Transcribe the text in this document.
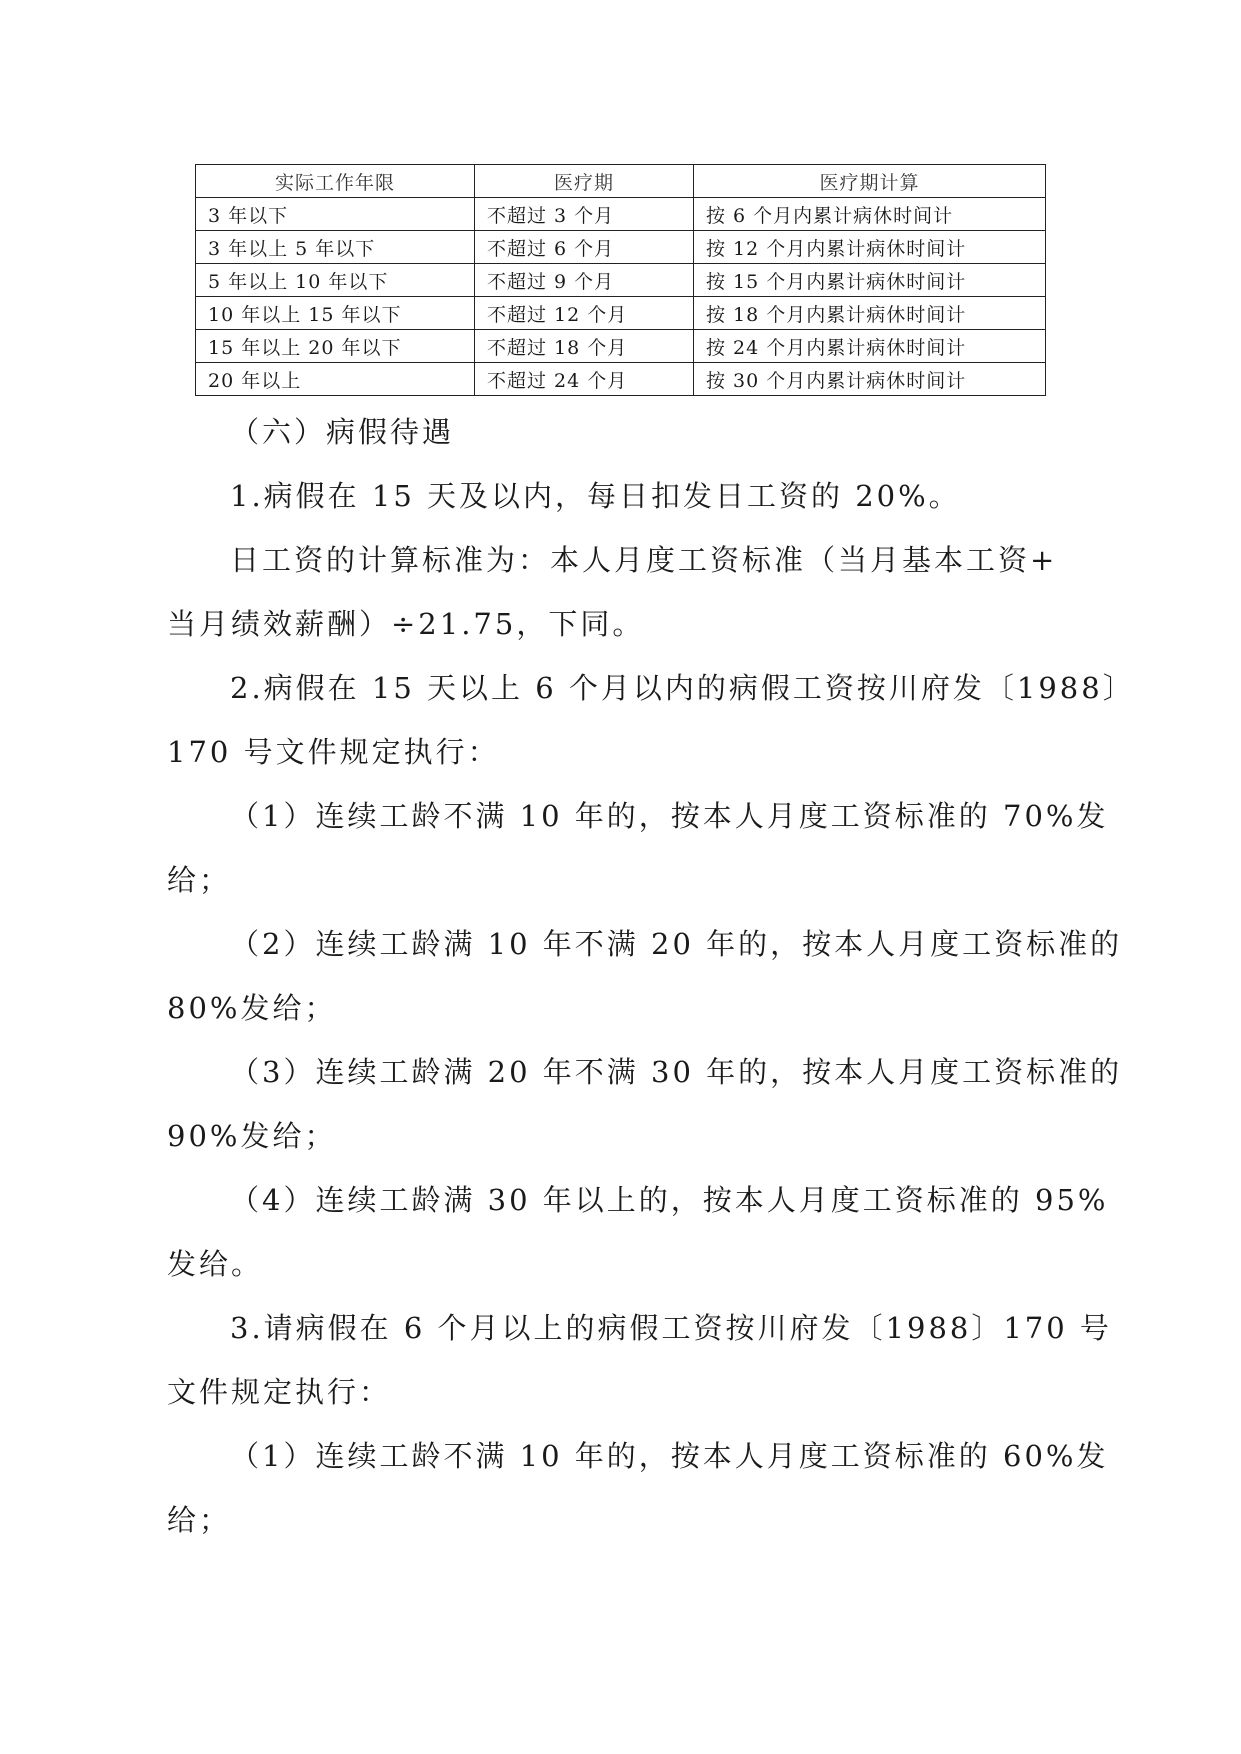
实际工作年限	医疗期	医疗期计算
3 年以下	不超过 3 个月	按 6 个月内累计病休时间计
3 年以上 5 年以下	不超过 6 个月	按 12 个月内累计病休时间计
5 年以上 10 年以下	不超过 9 个月	按 15 个月内累计病休时间计
10 年以上 15 年以下	不超过 12 个月	按 18 个月内累计病休时间计
15 年以上 20 年以下	不超过 18 个月	按 24 个月内累计病休时间计
20 年以上	不超过 24 个月	按 30 个月内累计病休时间计
（六）病假待遇
1.病假在 15 天及以内，每日扣发日工资的 20%。
日工资的计算标准为：本人月度工资标准（当月基本工资+
当月绩效薪酬）÷21.75，下同。
2.病假在 15 天以上 6 个月以内的病假工资按川府发〔1988〕
170 号文件规定执行：
（1）连续工龄不满 10 年的，按本人月度工资标准的 70%发
给；
（2）连续工龄满 10 年不满 20 年的，按本人月度工资标准的
80%发给；
（3）连续工龄满 20 年不满 30 年的，按本人月度工资标准的
90%发给；
（4）连续工龄满 30 年以上的，按本人月度工资标准的 95%
发给。
3.请病假在 6 个月以上的病假工资按川府发〔1988〕170 号
文件规定执行：
（1）连续工龄不满 10 年的，按本人月度工资标准的 60%发
给；
